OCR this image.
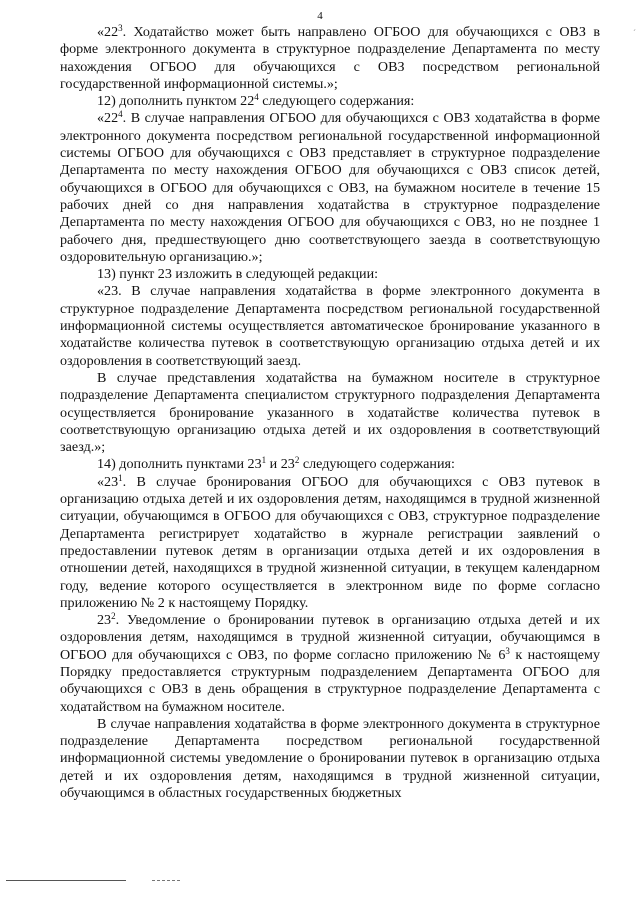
4
´

«$22^3$. Ходатайство может быть направлено ОГБОО для обучающихся с ОВЗ в форме электронного документа в структурное подразделение Департамента по месту нахождения ОГБОО для обучающихся с ОВЗ посредством региональной государственной информационной системы.»;

12) дополнить пунктом $22^4$ следующего содержания:

«$22^4$. В случае направления ОГБОО для обучающихся с ОВЗ ходатайства в форме электронного документа посредством региональной государственной информационной системы ОГБОО для обучающихся с ОВЗ представляет в структурное подразделение Департамента по месту нахождения ОГБОО для обучающихся с ОВЗ список детей, обучающихся в ОГБОО для обучающихся с ОВЗ, на бумажном носителе в течение 15 рабочих дней со дня направления ходатайства в структурное подразделение Департамента по месту нахождения ОГБОО для обучающихся с ОВЗ, но не позднее 1 рабочего дня, предшествующего дню соответствующего заезда в соответствующую оздоровительную организацию.»;

13) пункт 23 изложить в следующей редакции:

«23. В случае направления ходатайства в форме электронного документа в структурное подразделение Департамента посредством региональной государственной информационной системы осуществляется автоматическое бронирование указанного в ходатайстве количества путевок в соответствующую организацию отдыха детей и их оздоровления в соответствующий заезд.

В случае представления ходатайства на бумажном носителе в структурное подразделение Департамента специалистом структурного подразделения Департамента осуществляется бронирование указанного в ходатайстве количества путевок в соответствующую организацию отдыха детей и их оздоровления в соответствующий заезд.»;

14) дополнить пунктами $23^1$ и $23^2$ следующего содержания:

«$23^1$. В случае бронирования ОГБОО для обучающихся с ОВЗ путевок в организацию отдыха детей и их оздоровления детям, находящимся в трудной жизненной ситуации, обучающимся в ОГБОО для обучающихся с ОВЗ, структурное подразделение Департамента регистрирует ходатайство в журнале регистрации заявлений о предоставлении путевок детям в организации отдыха детей и их оздоровления в отношении детей, находящихся в трудной жизненной ситуации, в текущем календарном году, ведение которого осуществляется в электронном виде по форме согласно приложению № 2 к настоящему Порядку.

$23^2$. Уведомление о бронировании путевок в организацию отдыха детей и их оздоровления детям, находящимся в трудной жизненной ситуации, обучающимся в ОГБОО для обучающихся с ОВЗ, по форме согласно приложению № $6^3$ к настоящему Порядку предоставляется структурным подразделением Департамента ОГБОО для обучающихся с ОВЗ в день обращения в структурное подразделение Департамента с ходатайством на бумажном носителе.

В случае направления ходатайства в форме электронного документа в структурное подразделение Департамента посредством региональной государственной информационной системы уведомление о бронировании путевок в организацию отдыха детей и их оздоровления детям, находящимся в трудной жизненной ситуации, обучающимся в областных государственных бюджетных
